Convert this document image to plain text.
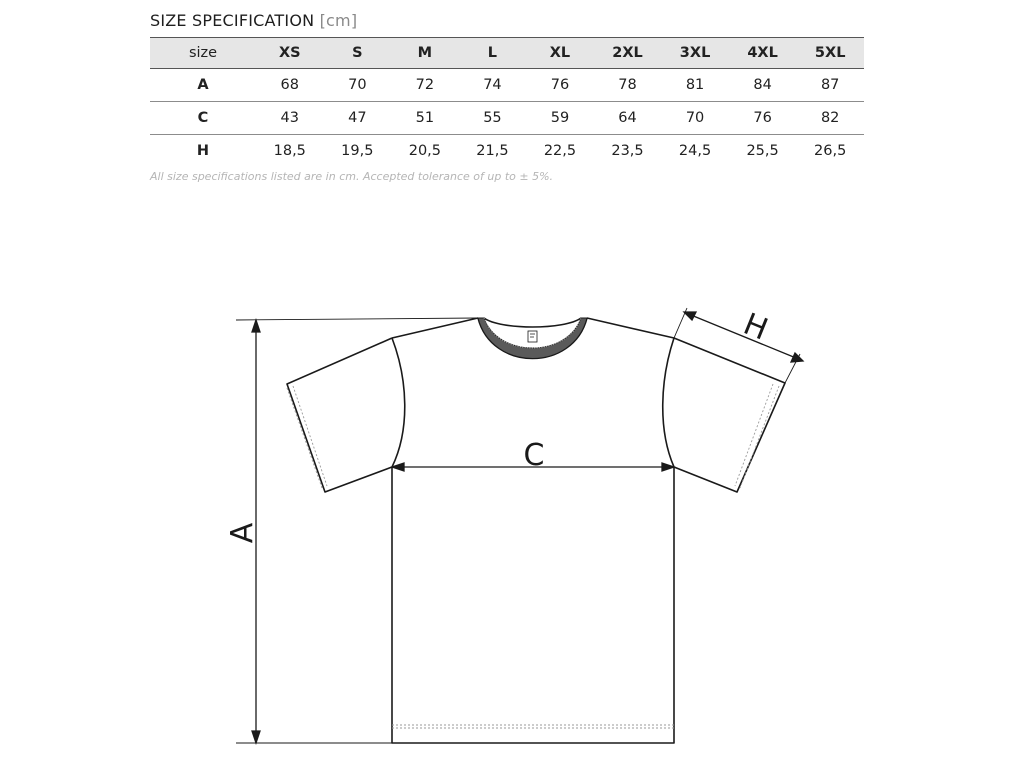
SIZE SPECIFICATION [cm]
size	XS	S	M	L	XL	2XL	3XL	4XL	5XL
A	68	70	72	74	76	78	81	84	87
C	43	47	51	55	59	64	70	76	82
H	18,5	19,5	20,5	21,5	22,5	23,5	24,5	25,5	26,5
All size specifications listed are in cm. Accepted tolerance of up to ± 5%.
C
A
H
